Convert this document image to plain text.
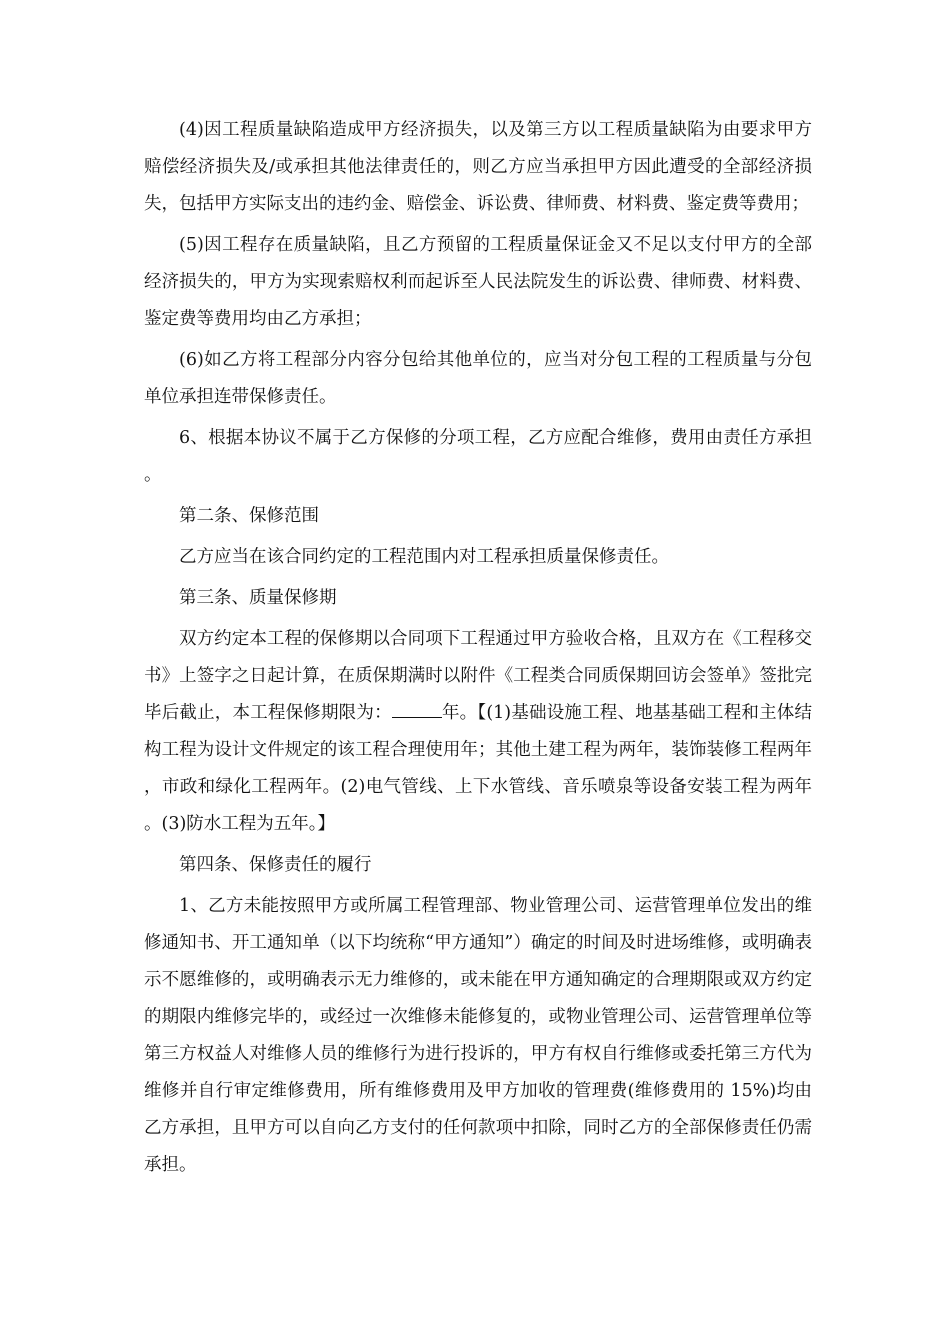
(4)因工程质量缺陷造成甲方经济损失，以及第三方以工程质量缺陷为由要求甲方赔偿经济损失及/或承担其他法律责任的，则乙方应当承担甲方因此遭受的全部经济损失，包括甲方实际支出的违约金、赔偿金、诉讼费、律师费、材料费、鉴定费等费用；

(5)因工程存在质量缺陷，且乙方预留的工程质量保证金又不足以支付甲方的全部经济损失的，甲方为实现索赔权利而起诉至人民法院发生的诉讼费、律师费、材料费、鉴定费等费用均由乙方承担；

(6)如乙方将工程部分内容分包给其他单位的，应当对分包工程的工程质量与分包单位承担连带保修责任。

6、根据本协议不属于乙方保修的分项工程，乙方应配合维修，费用由责任方承担。

第二条、保修范围

乙方应当在该合同约定的工程范围内对工程承担质量保修责任。

第三条、质量保修期

双方约定本工程的保修期以合同项下工程通过甲方验收合格，且双方在《工程移交书》上签字之日起计算，在质保期满时以附件《工程类合同质保期回访会签单》签批完毕后截止，本工程保修期限为：	年。【(1)基础设施工程、地基基础工程和主体结构工程为设计文件规定的该工程合理使用年；其他土建工程为两年，装饰装修工程两年，市政和绿化工程两年。(2)电气管线、上下水管线、音乐喷泉等设备安装工程为两年。(3)防水工程为五年。】

第四条、保修责任的履行

1、乙方未能按照甲方或所属工程管理部、物业管理公司、运营管理单位发出的维修通知书、开工通知单（以下均统称“甲方通知”）确定的时间及时进场维修，或明确表示不愿维修的，或明确表示无力维修的，或未能在甲方通知确定的合理期限或双方约定的期限内维修完毕的，或经过一次维修未能修复的，或物业管理公司、运营管理单位等第三方权益人对维修人员的维修行为进行投诉的，甲方有权自行维修或委托第三方代为维修并自行审定维修费用，所有维修费用及甲方加收的管理费(维修费用的 15%)均由乙方承担，且甲方可以自向乙方支付的任何款项中扣除，同时乙方的全部保修责任仍需承担。
